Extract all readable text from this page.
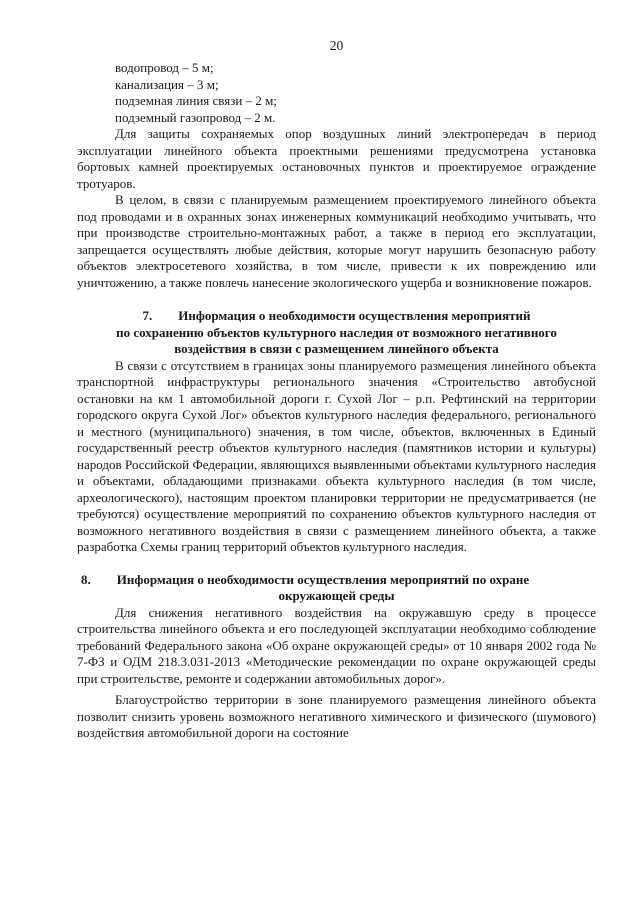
20
водопровод – 5 м;
канализация – 3 м;
подземная линия связи – 2 м;
подземный газопровод – 2 м.

Для защиты сохраняемых опор воздушных линий электропередач в период эксплуатации линейного объекта проектными решениями предусмотрена установка бортовых камней проектируемых остановочных пунктов и проектируемое ограждение тротуаров.

В целом, в связи с планируемым размещением проектируемого линейного объекта под проводами и в охранных зонах инженерных коммуникаций необходимо учитывать, что при производстве строительно-монтажных работ, а также в период его эксплуатации, запрещается осуществлять любые действия, которые могут нарушить безопасную работу объектов электросетевого хозяйства, в том числе, привести к их повреждению или уничтожению, а также повлечь нанесение экологического ущерба и возникновение пожаров.

7. Информация о необходимости осуществления мероприятий
по сохранению объектов культурного наследия от возможного негативного
воздействия в связи с размещением линейного объекта

В связи с отсутствием в границах зоны планируемого размещения линейного объекта транспортной инфраструктуры регионального значения «Строительство автобусной остановки на км 1 автомобильной дороги г. Сухой Лог – р.п. Рефтинский на территории городского округа Сухой Лог» объектов культурного наследия федерального, регионального и местного (муниципального) значения, в том числе, объектов, включенных в Единый государственный реестр объектов культурного наследия (памятников истории и культуры) народов Российской Федерации, являющихся выявленными объектами культурного наследия и объектами, обладающими признаками объекта культурного наследия (в том числе, археологического), настоящим проектом планировки территории не предусматривается (не требуются) осуществление мероприятий по сохранению объектов культурного наследия от возможного негативного воздействия в связи с размещением линейного объекта, а также разработка Схемы границ территорий объектов культурного наследия.

8. Информация о необходимости осуществления мероприятий по охране
окружающей среды

Для снижения негативного воздействия на окружавшую среду в процессе строительства линейного объекта и его последующей эксплуатации необходимо соблюдение требований Федерального закона «Об охране окружающей среды» от 10 января 2002 года № 7-ФЗ и ОДМ 218.3.031-2013 «Методические рекомендации по охране окружающей среды при строительстве, ремонте и содержании автомобильных дорог».

Благоустройство территории в зоне планируемого размещения линейного объекта позволит снизить уровень возможного негативного химического и физического (шумового) воздействия автомобильной дороги на состояние
